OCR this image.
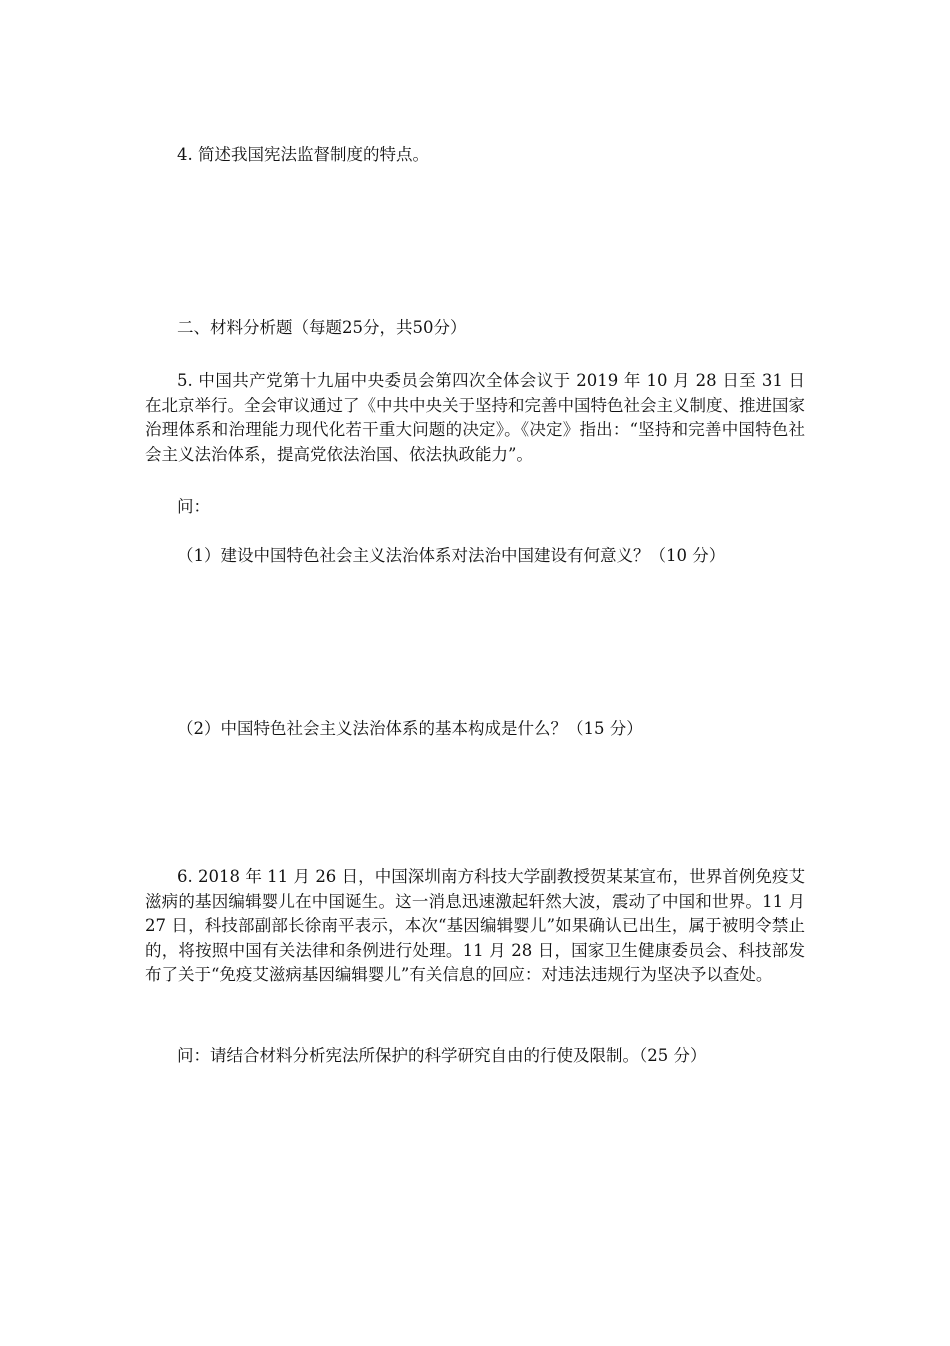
4. 简述我国宪法监督制度的特点。

二、材料分析题（每题25分，共50分）

5. 中国共产党第十九届中央委员会第四次全体会议于 2019 年 10 月 28 日至 31 日在北京举行。全会审议通过了《中共中央关于坚持和完善中国特色社会主义制度、推进国家治理体系和治理能力现代化若干重大问题的决定》。《决定》指出：“坚持和完善中国特色社会主义法治体系，提高党依法治国、依法执政能力”。

问：

（1）建设中国特色社会主义法治体系对法治中国建设有何意义？（10 分）

（2）中国特色社会主义法治体系的基本构成是什么？（15 分）

6. 2018 年 11 月 26 日，中国深圳南方科技大学副教授贺某某宣布，世界首例免疫艾滋病的基因编辑婴儿在中国诞生。这一消息迅速激起轩然大波，震动了中国和世界。11 月 27 日，科技部副部长徐南平表示，本次“基因编辑婴儿”如果确认已出生，属于被明令禁止的，将按照中国有关法律和条例进行处理。11 月 28 日，国家卫生健康委员会、科技部发布了关于“免疫艾滋病基因编辑婴儿”有关信息的回应：对违法违规行为坚决予以查处。

问：请结合材料分析宪法所保护的科学研究自由的行使及限制。（25 分）
